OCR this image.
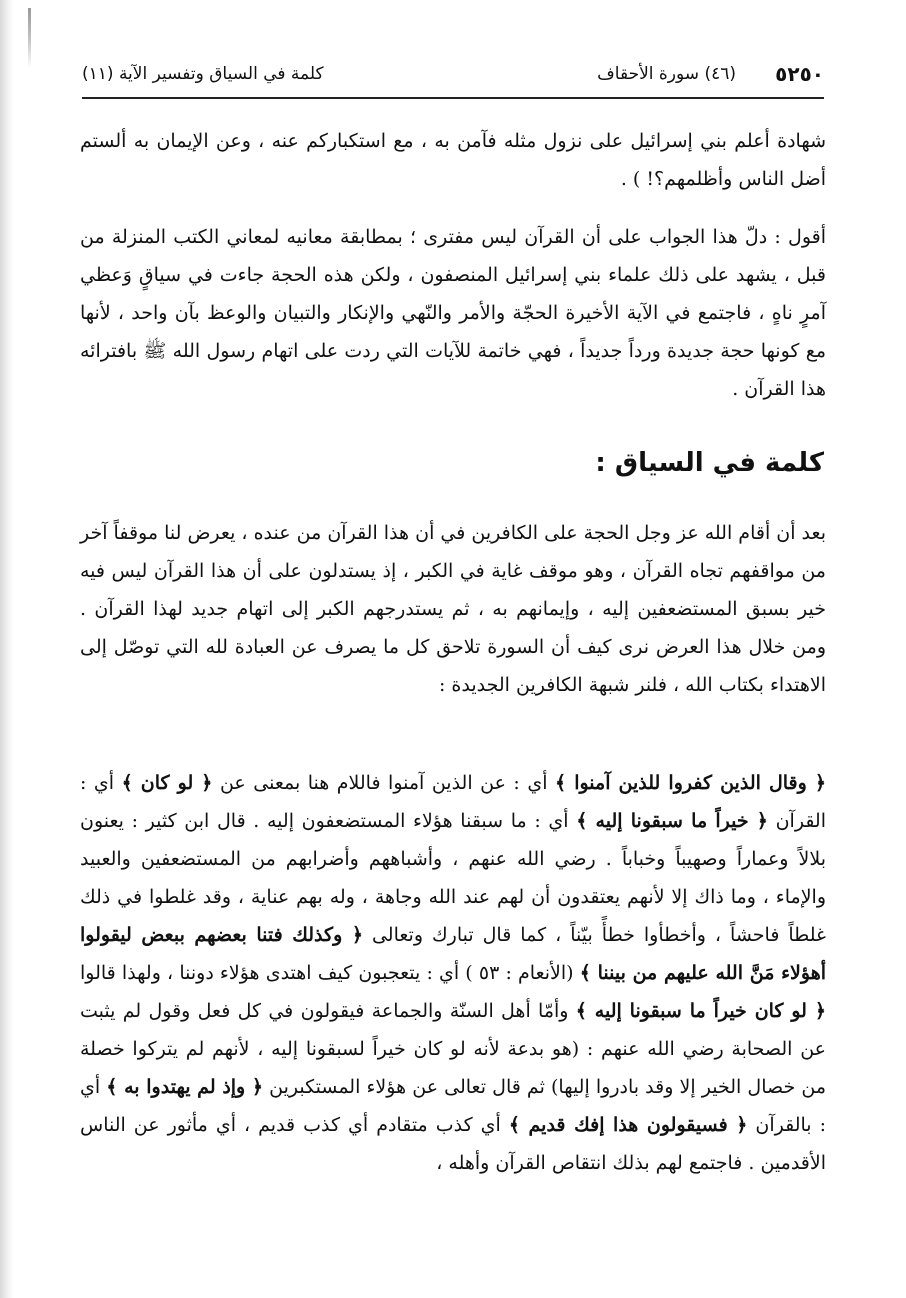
٥٢٥٠
(٤٦) سورة الأحقاف
كلمة في السياق وتفسير الآية (١١)

شهادة أعلم بني إسرائيل على نزول مثله فآمن به ، مع استكباركم عنه ، وعن الإيمان به ألستم أضل الناس وأظلمهم؟! ) .

أقول : دلّ هذا الجواب على أن القرآن ليس مفترى ؛ بمطابقة معانيه لمعاني الكتب المنزلة من قبل ، يشهد على ذلك علماء بني إسرائيل المنصفون ، ولكن هذه الحجة جاءت في سياقٍ وَعظي آمرٍ ناهٍ ، فاجتمع في الآية الأخيرة الحجّة والأمر والنّهي والإنكار والتبيان والوعظ بآن واحد ، لأنها مع كونها حجة جديدة ورداً جديداً ، فهي خاتمة للآيات التي ردت على اتهام رسول الله ﷺ بافترائه هذا القرآن .

كلمة في السياق :

بعد أن أقام الله عز وجل الحجة على الكافرين في أن هذا القرآن من عنده ، يعرض لنا موقفاً آخر من مواقفهم تجاه القرآن ، وهو موقف غاية في الكبر ، إذ يستدلون على أن هذا القرآن ليس فيه خير بسبق المستضعفين إليه ، وإيمانهم به ، ثم يستدرجهم الكبر إلى اتهام جديد لهذا القرآن . ومن خلال هذا العرض نرى كيف أن السورة تلاحق كل ما يصرف عن العبادة لله التي توصّل إلى الاهتداء بكتاب الله ، فلنر شبهة الكافرين الجديدة :

﴿ وقال الذين كفروا للذين آمنوا ﴾ أي : عن الذين آمنوا فاللام هنا بمعنى عن ﴿ لو كان ﴾ أي : القرآن ﴿ خيراً ما سبقونا إليه ﴾ أي : ما سبقنا هؤلاء المستضعفون إليه . قال ابن كثير : يعنون بلالاً وعماراً وصهيباً وخباباً . رضي الله عنهم ، وأشباههم وأضرابهم من المستضعفين والعبيد والإماء ، وما ذاك إلا لأنهم يعتقدون أن لهم عند الله وجاهة ، وله بهم عناية ، وقد غلطوا في ذلك غلطاً فاحشاً ، وأخطأوا خطأً بيّناً ، كما قال تبارك وتعالى ﴿ وكذلك فتنا بعضهم ببعض ليقولوا أهؤلاء مَنَّ الله عليهم من بيننا ﴾ (الأنعام : ٥٣ ) أي : يتعجبون كيف اهتدى هؤلاء دوننا ، ولهذا قالوا ﴿ لو كان خيراً ما سبقونا إليه ﴾ وأمّا أهل السنّة والجماعة فيقولون في كل فعل وقول لم يثبت عن الصحابة رضي الله عنهم : (هو بدعة لأنه لو كان خيراً لسبقونا إليه ، لأنهم لم يتركوا خصلة من خصال الخير إلا وقد بادروا إليها) ثم قال تعالى عن هؤلاء المستكبرين ﴿ وإذ لم يهتدوا به ﴾ أي : بالقرآن ﴿ فسيقولون هذا إفك قديم ﴾ أي كذب متقادم أي كذب قديم ، أي مأثور عن الناس الأقدمين . فاجتمع لهم بذلك انتقاص القرآن وأهله ،
